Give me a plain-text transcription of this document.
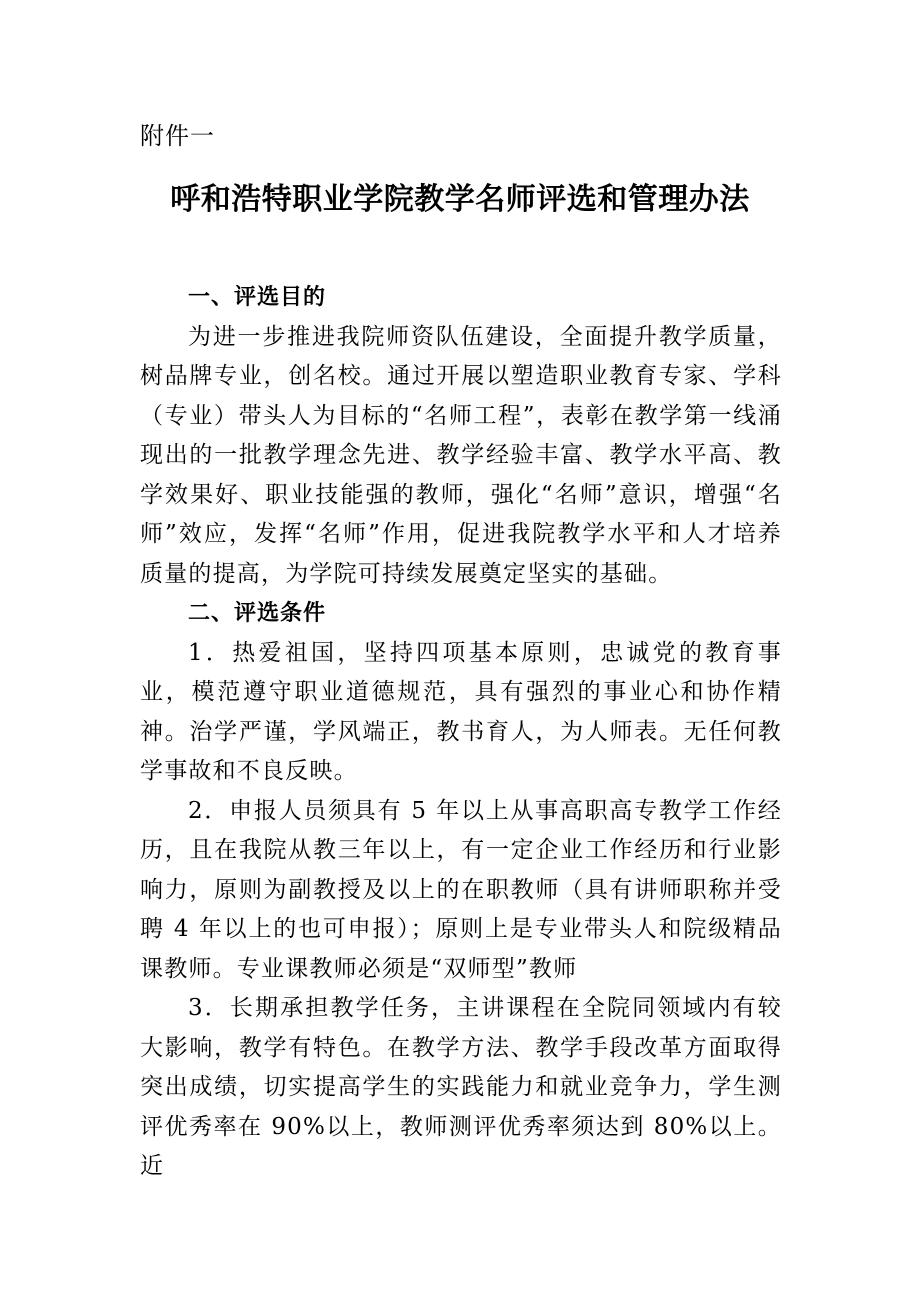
附件一
呼和浩特职业学院教学名师评选和管理办法

一、评选目的

为进一步推进我院师资队伍建设，全面提升教学质量，树品牌专业，创名校。通过开展以塑造职业教育专家、学科（专业）带头人为目标的“名师工程”，表彰在教学第一线涌现出的一批教学理念先进、教学经验丰富、教学水平高、教学效果好、职业技能强的教师，强化“名师”意识，增强“名师”效应，发挥“名师”作用，促进我院教学水平和人才培养质量的提高，为学院可持续发展奠定坚实的基础。

二、评选条件

1．热爱祖国，坚持四项基本原则，忠诚党的教育事业，模范遵守职业道德规范，具有强烈的事业心和协作精神。治学严谨，学风端正，教书育人，为人师表。无任何教学事故和不良反映。

2．申报人员须具有 5 年以上从事高职高专教学工作经历，且在我院从教三年以上，有一定企业工作经历和行业影响力，原则为副教授及以上的在职教师（具有讲师职称并受聘 4 年以上的也可申报）；原则上是专业带头人和院级精品课教师。专业课教师必须是“双师型”教师

3．长期承担教学任务，主讲课程在全院同领域内有较大影响，教学有特色。在教学方法、教学手段改革方面取得突出成绩，切实提高学生的实践能力和就业竞争力，学生测评优秀率在 90%以上，教师测评优秀率须达到 80%以上。近
